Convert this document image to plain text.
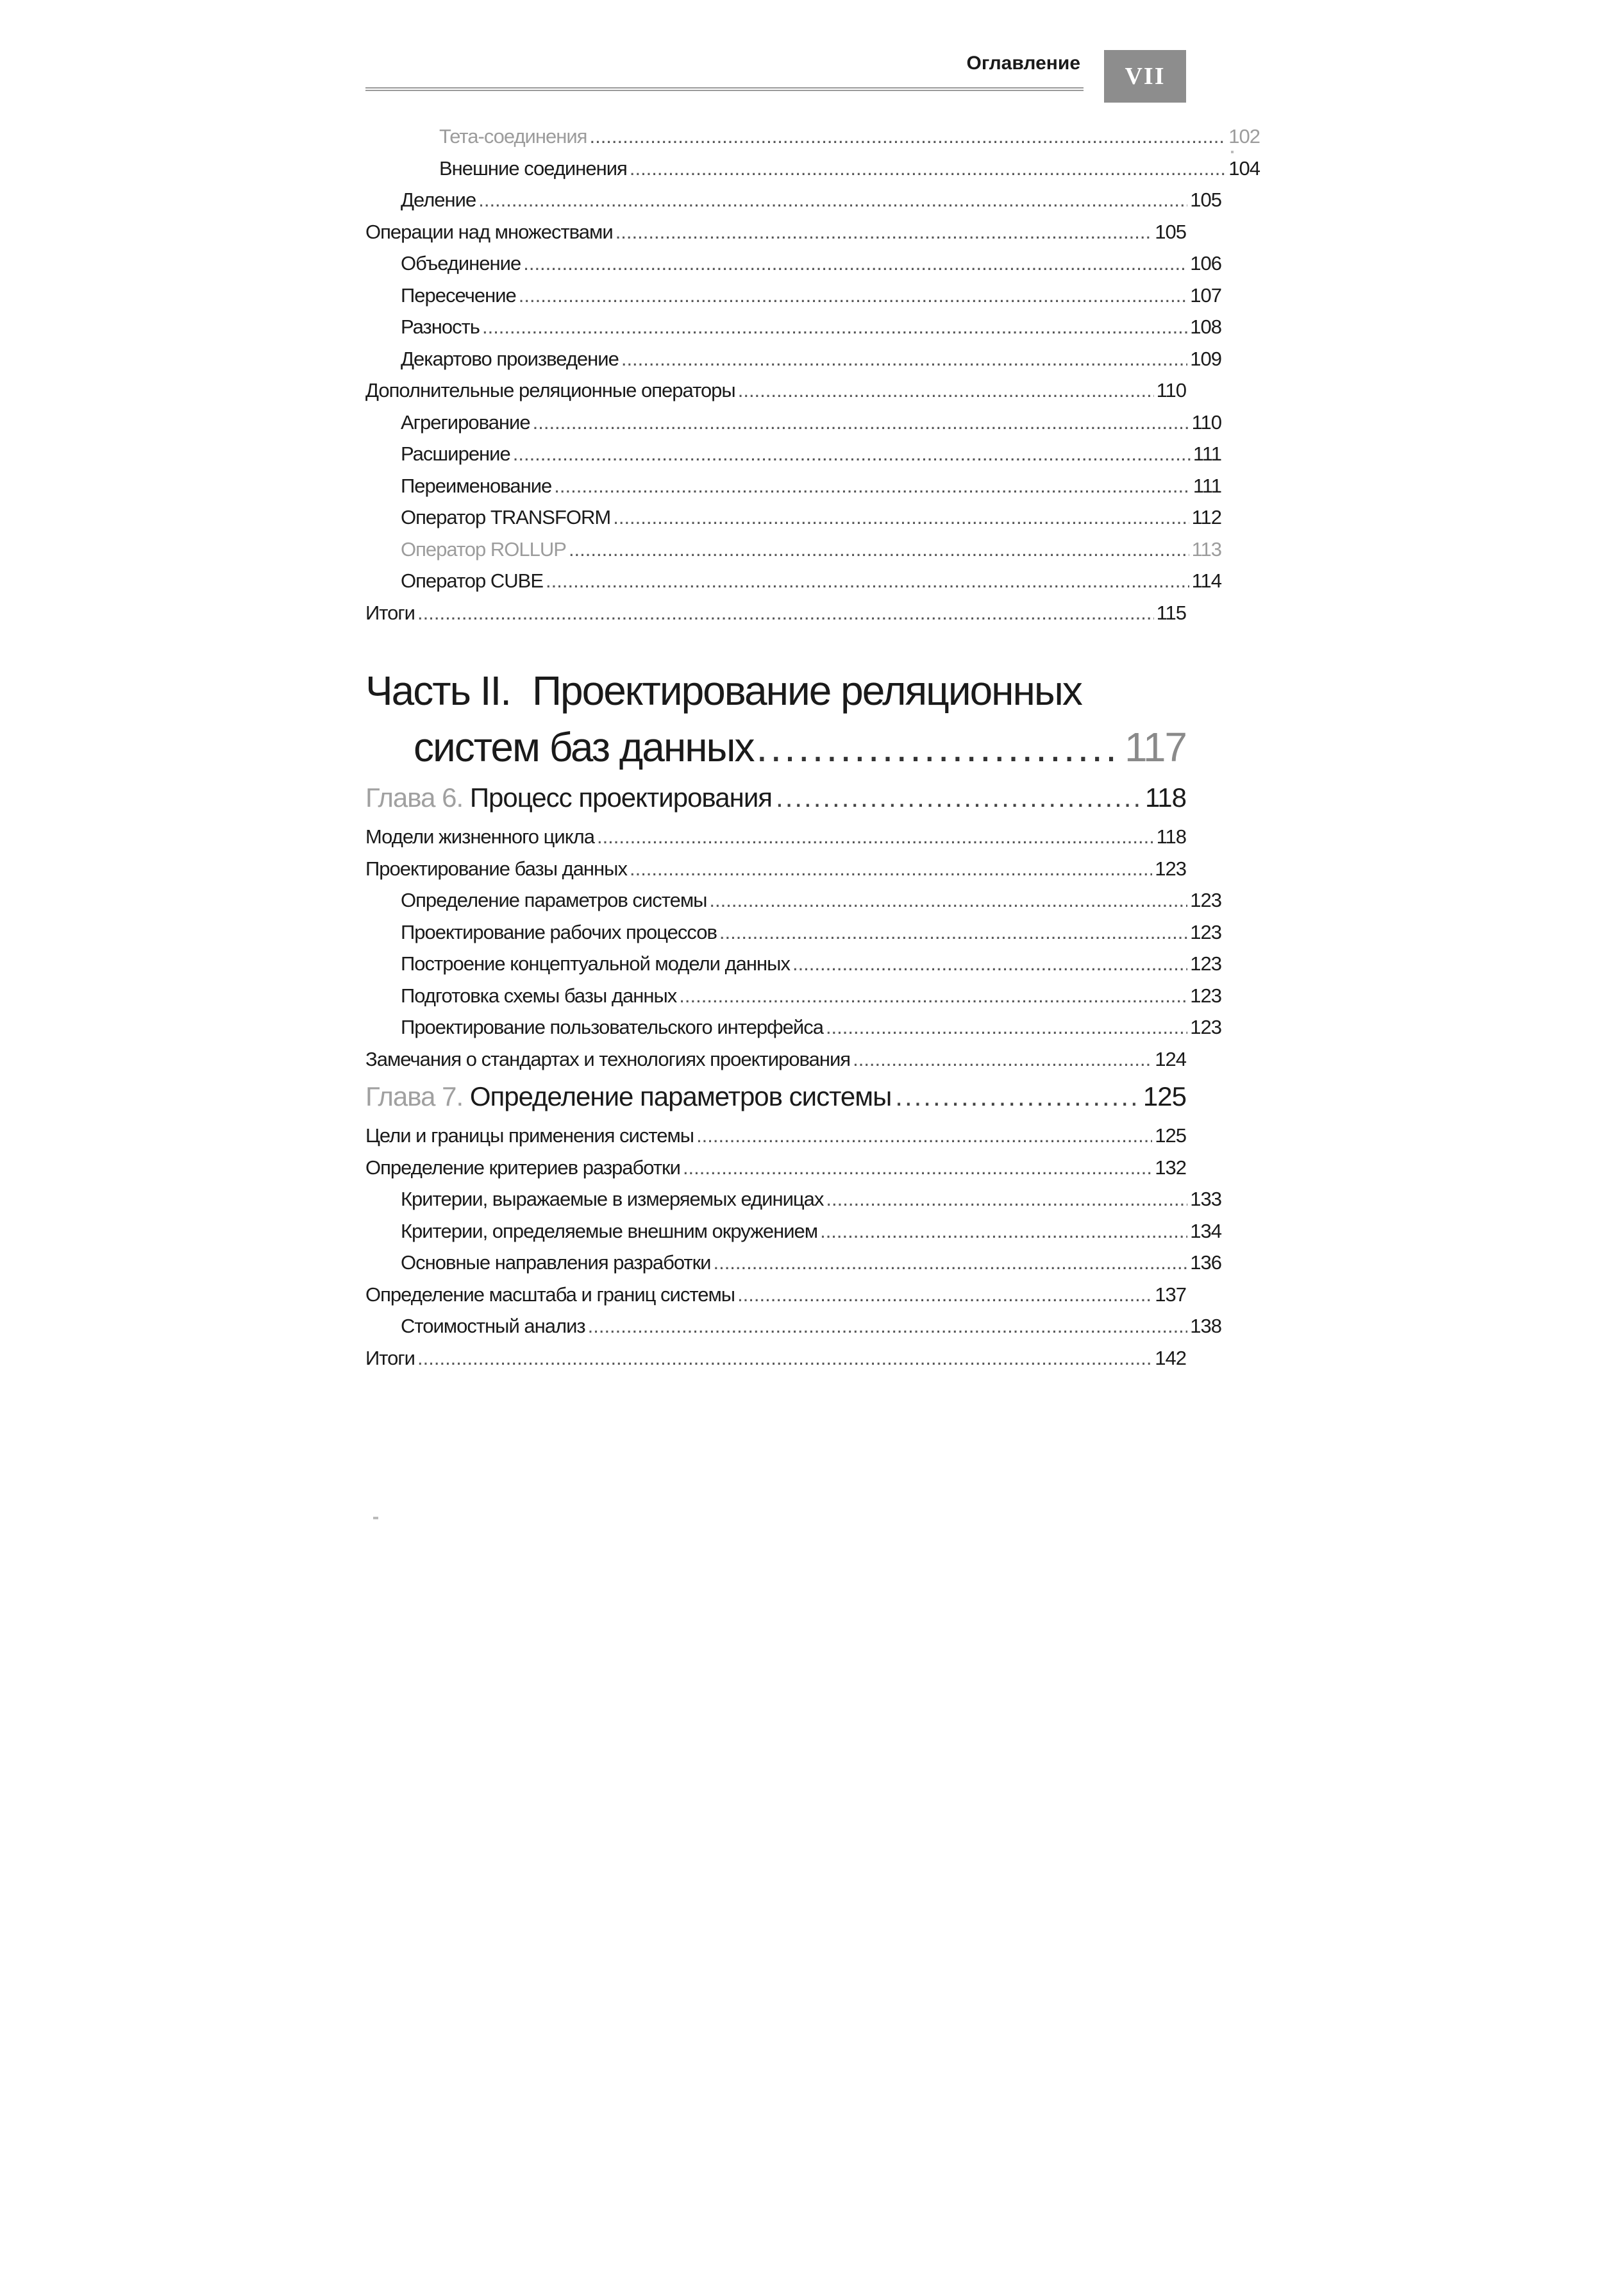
Оглавление	VII
Тета-соединения .....	102
Внешние соединения .....	104
Деление .....	105
Операции над множествами .....	105
Объединение .....	106
Пересечение .....	107
Разность .....	108
Декартово произведение .....	109
Дополнительные реляционные операторы .....	110
Агрегирование .....	110
Расширение .....	111
Переименование .....	111
Оператор TRANSFORM .....	112
Оператор ROLLUP .....	113
Оператор CUBE .....	114
Итоги .....	115
Часть II. Проектирование реляционных
систем баз данных .....	117
Глава 6.
Процесс проектирования .....	118
Модели жизненного цикла .....	118
Проектирование базы данных .....	123
Определение параметров системы .....	123
Проектирование рабочих процессов .....	123
Построение концептуальной модели данных .....	123
Подготовка схемы базы данных .....	123
Проектирование пользовательского интерфейса .....	123
Замечания о стандартах и технологиях проектирования .....	124
Глава 7.
Определение параметров системы .....	125
Цели и границы применения системы .....	125
Определение критериев разработки .....	132
Критерии, выражаемые в измеряемых единицах .....	133
Критерии, определяемые внешним окружением .....	134
Основные направления разработки .....	136
Определение масштаба и границ системы .....	137
Стоимостный анализ .....	138
Итоги .....	142
